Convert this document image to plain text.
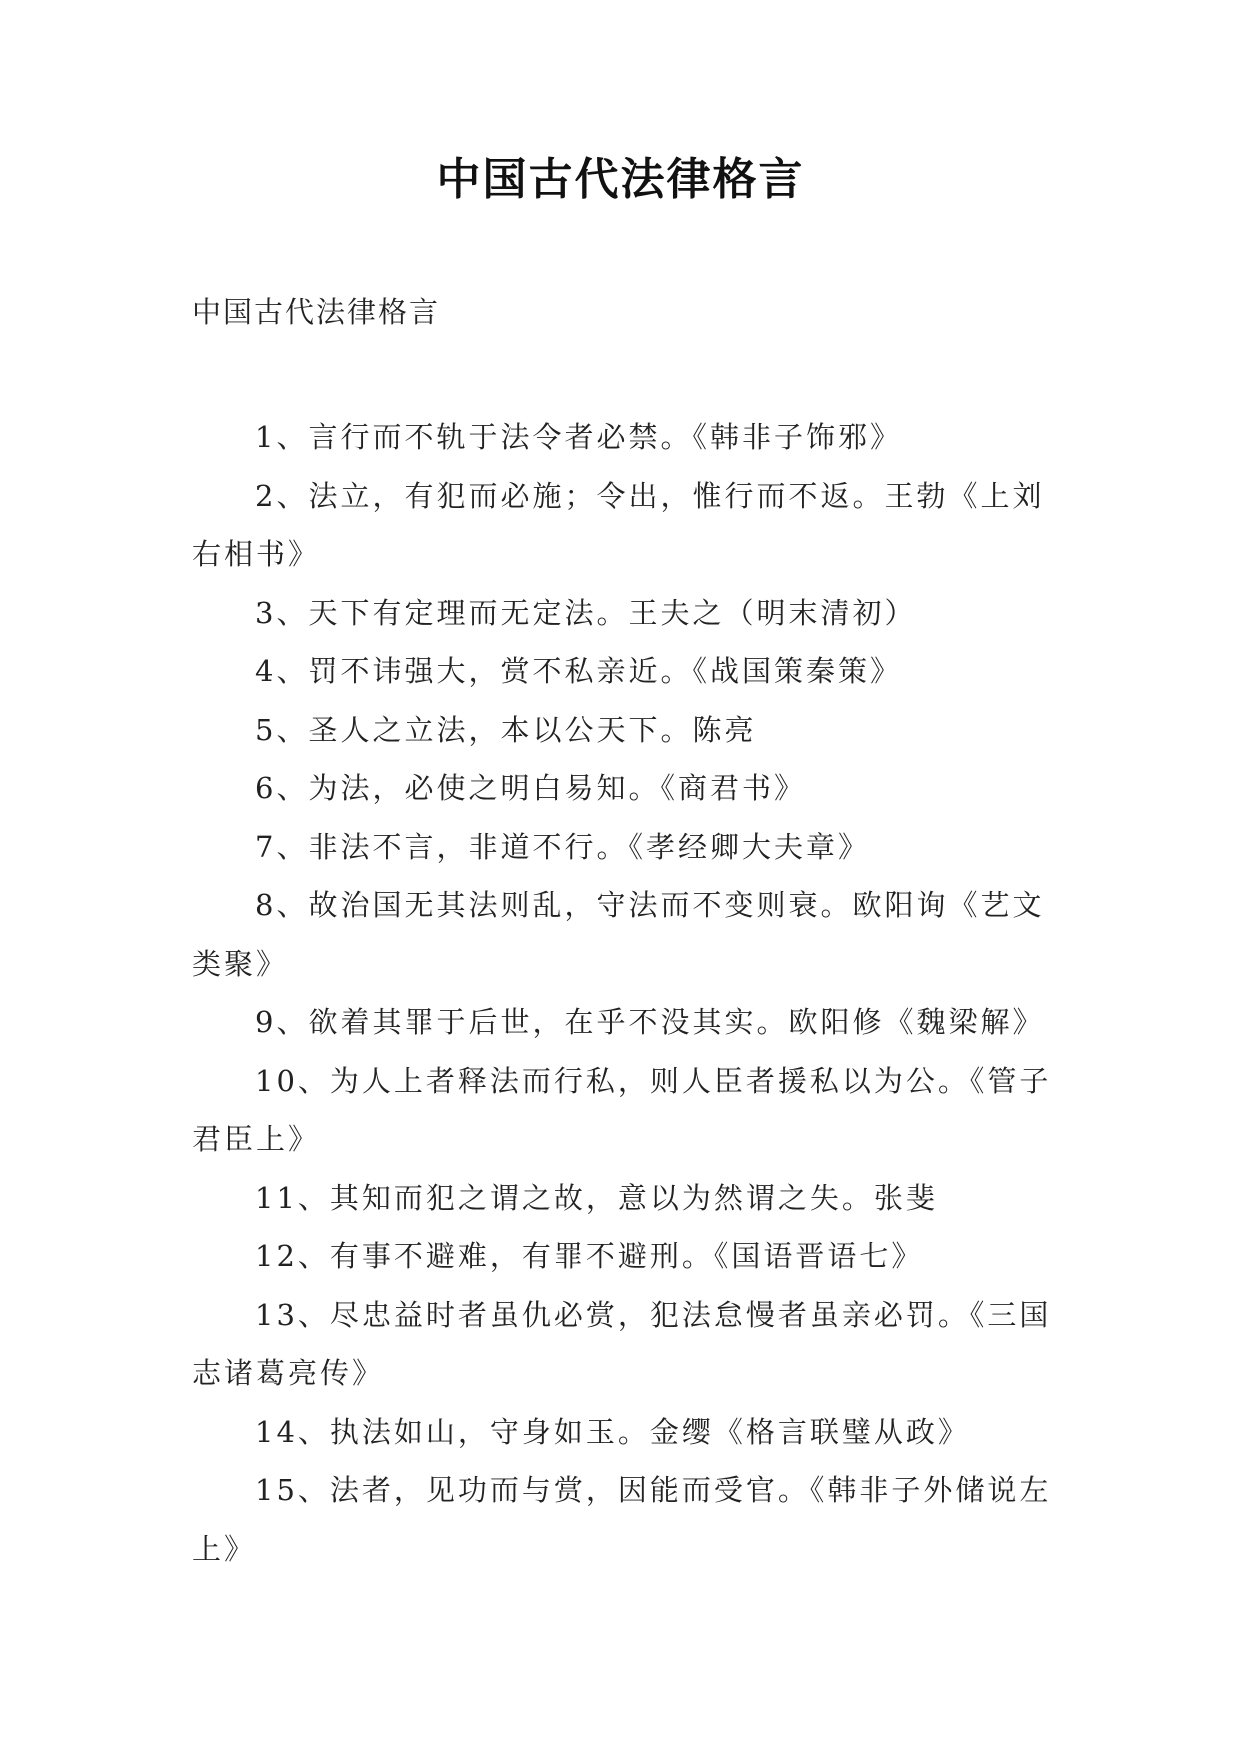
中国古代法律格言
中国古代法律格言

1、言行而不轨于法令者必禁。《韩非子饰邪》

2、法立，有犯而必施；令出，惟行而不返。王勃《上刘右相书》

3、天下有定理而无定法。王夫之（明末清初）

4、罚不讳强大，赏不私亲近。《战国策秦策》

5、圣人之立法，本以公天下。陈亮

6、为法，必使之明白易知。《商君书》

7、非法不言，非道不行。《孝经卿大夫章》

8、故治国无其法则乱，守法而不变则衰。欧阳询《艺文类聚》

9、欲着其罪于后世，在乎不没其实。欧阳修《魏梁解》

10、为人上者释法而行私，则人臣者援私以为公。《管子君臣上》

11、其知而犯之谓之故，意以为然谓之失。张斐

12、有事不避难，有罪不避刑。《国语晋语七》

13、尽忠益时者虽仇必赏，犯法怠慢者虽亲必罚。《三国志诸葛亮传》

14、执法如山，守身如玉。金缨《格言联璧从政》

15、法者，见功而与赏，因能而受官。《韩非子外储说左上》
